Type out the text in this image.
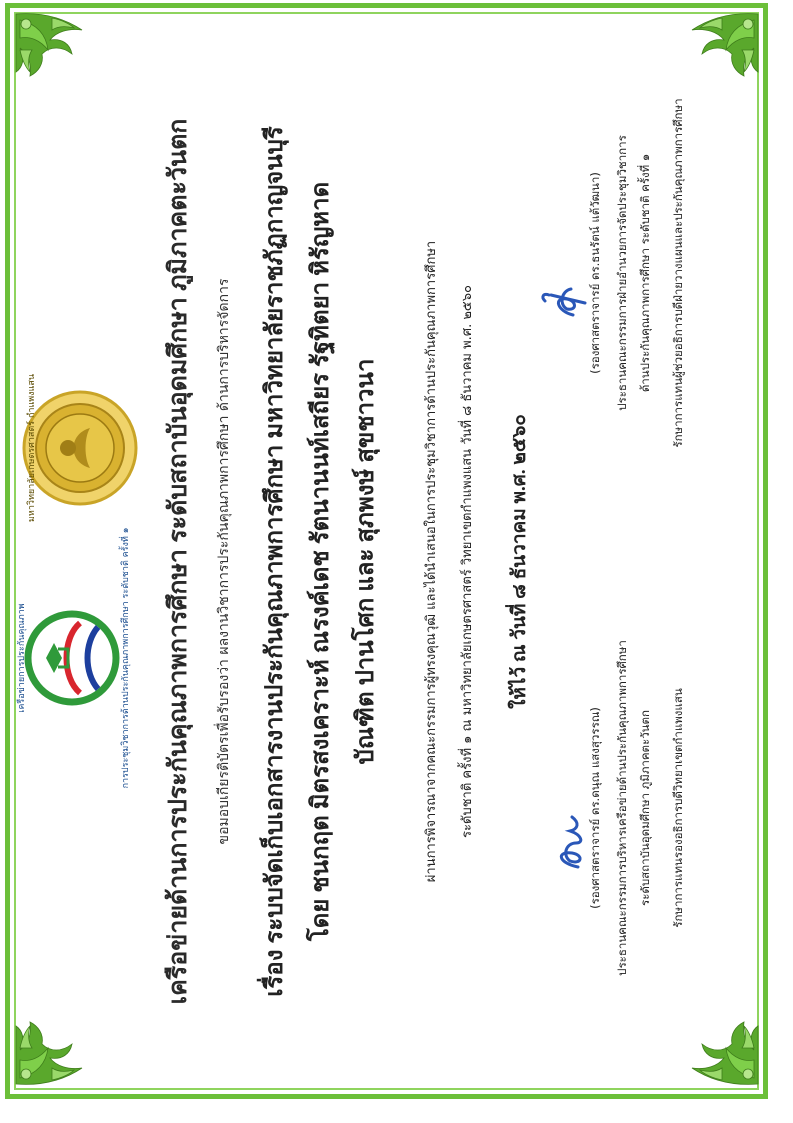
การประชุมวิชาการด้านประกันคุณภาพการศึกษา ระดับชาติ ครั้งที่ ๑
เครือข่ายการประกันคุณภาพ
มหาวิทยาลัยเกษตรศาสตร์ กำแพงแสน	เครือข่ายด้านการประกันคุณภาพการศึกษา ระดับสถาบันอุดมศึกษา ภูมิภาคตะวันตก	ขอมอบเกียรติบัตรเพื่อรับรองว่า ผลงานวิชาการประกันคุณภาพการศึกษา ด้านการบริหารจัดการ	เรื่อง ระบบจัดเก็บเอกสารงานประกันคุณภาพการศึกษา มหาวิทยาลัยราชภัฏกาญจนบุรี โดย ชนกฤต มิตรสงเคราะห์ ณรงค์เดช รัตนานนท์เสถียร รัฐทิตยา หิรัญหาด บัณฑิต ปานโศก และ สุภพงษ์ สุขชาวนา	ผ่านการพิจารณาจากคณะกรรมการผู้ทรงคุณวุฒิ และได้นำเสนอในการประชุมวิชาการด้านประกันคุณภาพการศึกษา	ระดับชาติ ครั้งที่ ๑ ณ มหาวิทยาลัยเกษตรศาสตร์ วิทยาเขตกำแพงแสน วันที่ ๘ ธันวาคม พ.ศ. ๒๕๖๐ ให้ไว้ ณ วันที่ ๘ ธันวาคม พ.ศ. ๒๕๖๐
(รองศาสตราจารย์ ดร.ดนุณ แสงสุวรรณ) ประธานคณะกรรมการบริหารเครือข่ายด้านประกันคุณภาพการศึกษา ระดับสถาบันอุดมศึกษา ภูมิภาคตะวันตก รักษาการแทนรองอธิการบดีวิทยาเขตกำแพงแสน
(รองศาสตราจารย์ ดร.ธนรัตน์ แต้วัฒนา) ประธานคณะกรรมการฝ่ายอำนวยการจัดประชุมวิชาการ ด้านประกันคุณภาพการศึกษา ระดับชาติ ครั้งที่ ๑ รักษาการแทนผู้ช่วยอธิการบดีฝ่ายวางแผนและประกันคุณภาพการศึกษา
